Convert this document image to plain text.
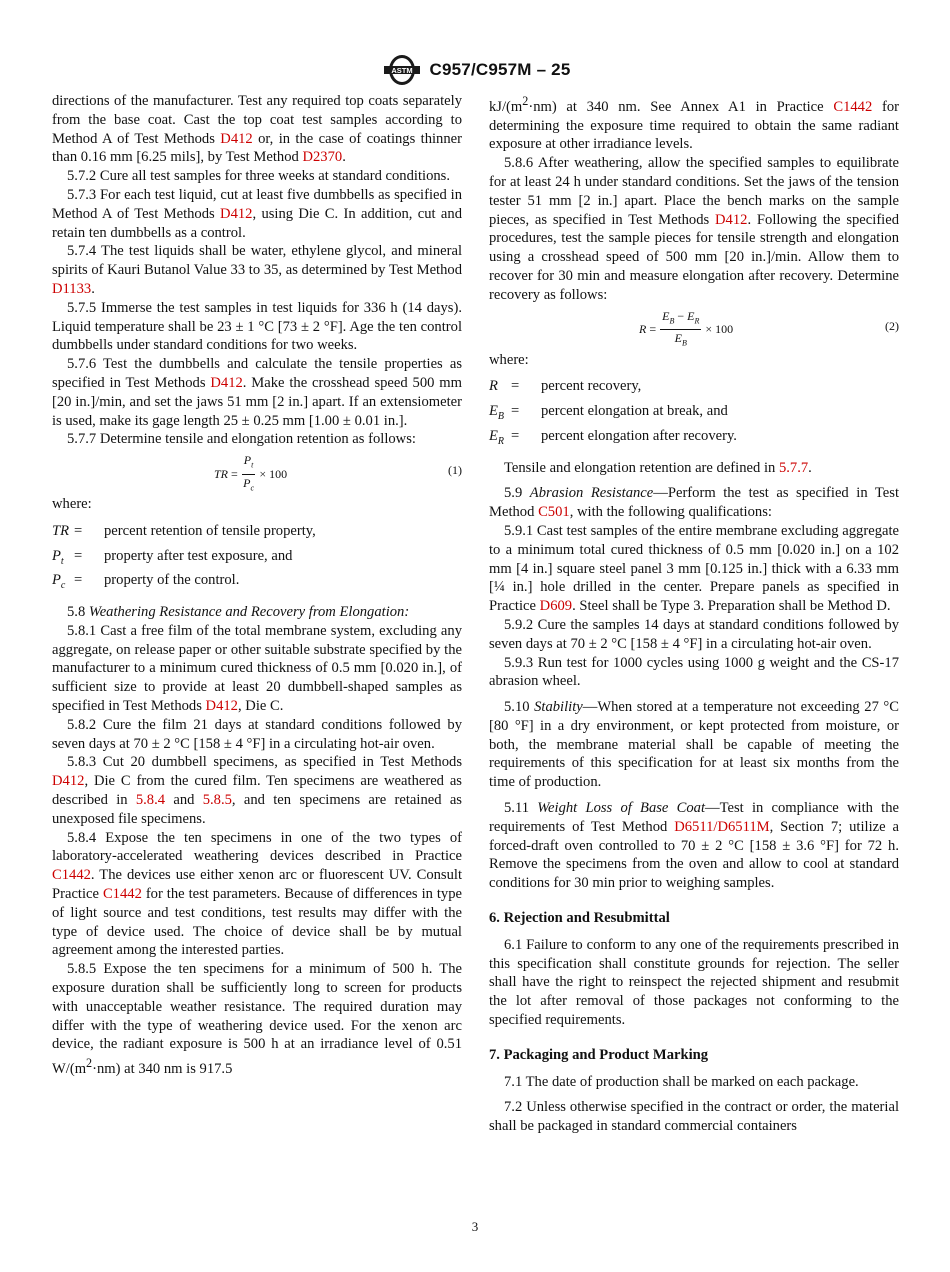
ASTM C957/C957M – 25

directions of the manufacturer. Test any required top coats separately from the base coat. Cast the top coat test samples according to Method A of Test Methods D412 or, in the case of coatings thinner than 0.16 mm [6.25 mils], by Test Method D2370.

5.7.2 Cure all test samples for three weeks at standard conditions.

5.7.3 For each test liquid, cut at least five dumbbells as specified in Method A of Test Methods D412, using Die C. In addition, cut and retain ten dumbbells as a control.

5.7.4 The test liquids shall be water, ethylene glycol, and mineral spirits of Kauri Butanol Value 33 to 35, as determined by Test Method D1133.

5.7.5 Immerse the test samples in test liquids for 336 h (14 days). Liquid temperature shall be 23 ± 1 °C [73 ± 2 °F]. Age the ten control dumbbells under standard conditions for two weeks.

5.7.6 Test the dumbbells and calculate the tensile properties as specified in Test Methods D412. Make the crosshead speed 500 mm [20 in.]/min, and set the jaws 51 mm [2 in.] apart. If an extensiometer is used, make its gage length 25 ± 0.25 mm [1.00 ± 0.01 in.].

5.7.7 Determine tensile and elongation retention as follows:

TR
= $\frac{P_t}{P_c} \times 100$	(1)

where:

TR =	percent retention of tensile property,
$P_t$ =	property after test exposure, and
$P_c$ =	property of the control.

5.8 Weathering Resistance and Recovery from Elongation:

5.8.1 Cast a free film of the total membrane system, excluding any aggregate, on release paper or other suitable substrate specified by the manufacturer to a minimum cured thickness of 0.5 mm [0.020 in.], of sufficient size to provide at least 20 dumbbell-shaped samples as specified in Test Methods D412, Die C.

5.8.2 Cure the film 21 days at standard conditions followed by seven days at 70 ± 2 °C [158 ± 4 °F] in a circulating hot-air oven.

5.8.3 Cut 20 dumbbell specimens, as specified in Test Methods D412, Die C from the cured film. Ten specimens are weathered as described in 5.8.4 and 5.8.5, and ten specimens are retained as unexposed file specimens.

5.8.4 Expose the ten specimens in one of the two types of laboratory-accelerated weathering devices described in Practice C1442. The devices use either xenon arc or fluorescent UV. Consult Practice C1442 for the test parameters. Because of differences in type of light source and test conditions, test results may differ with the type of device used. The choice of device shall be by mutual agreement among the interested parties.

5.8.5 Expose the ten specimens for a minimum of 500 h. The exposure duration shall be sufficiently long to screen for products with unacceptable weather resistance. The required duration may differ with the type of weathering device used. For the xenon arc device, the radiant exposure is 500 h at an irradiance level of 0.51 $W/(m^2\cdot nm)$ at 340 nm is 917.5

$kJ/(m^2\cdot nm)$ at 340 nm. See Annex A1 in Practice C1442 for determining the exposure time required to obtain the same radiant exposure at other irradiance levels.

5.8.6 After weathering, allow the specified samples to equilibrate for at least 24 h under standard conditions. Set the jaws of the tension tester 51 mm [2 in.] apart. Place the bench marks on the sample pieces, as specified in Test Methods D412. Following the specified procedures, test the sample pieces for tensile strength and elongation using a crosshead speed of 500 mm [20 in.]/min. Allow them to recover for 30 min and measure elongation after recovery. Determine recovery as follows:

R
= $\frac{E_B - E_R}{E_B} \times 100$	(2)

where:

R =	percent recovery,
$E_B$ =	percent elongation at break, and
$E_R$ =	percent elongation after recovery.

Tensile and elongation retention are defined in 5.7.7.

5.9 Abrasion Resistance—Perform the test as specified in Test Method C501, with the following qualifications:

5.9.1 Cast test samples of the entire membrane excluding aggregate to a minimum total cured thickness of 0.5 mm [0.020 in.] on a 102 mm [4 in.] square steel panel 3 mm [0.125 in.] thick with a 6.33 mm [¼ in.] hole drilled in the center. Prepare panels as specified in Practice D609. Steel shall be Type 3. Preparation shall be Method D.

5.9.2 Cure the samples 14 days at standard conditions followed by seven days at 70 ± 2 °C [158 ± 4 °F] in a circulating hot-air oven.

5.9.3 Run test for 1000 cycles using 1000 g weight and the CS-17 abrasion wheel.

5.10 Stability—When stored at a temperature not exceeding 27 °C [80 °F] in a dry environment, or kept protected from moisture, or both, the membrane material shall be capable of meeting the requirements of this specification for at least six months from the time of production.

5.11 Weight Loss of Base Coat—Test in compliance with the requirements of Test Method D6511/D6511M, Section 7; utilize a forced-draft oven controlled to 70 ± 2 °C [158 ± 3.6 °F] for 72 h. Remove the specimens from the oven and allow to cool at standard conditions for 30 min prior to weighing samples.

6. Rejection and Resubmittal

6.1 Failure to conform to any one of the requirements prescribed in this specification shall constitute grounds for rejection. The seller shall have the right to reinspect the rejected shipment and resubmit the lot after removal of those packages not conforming to the specified requirements.

7. Packaging and Product Marking

7.1 The date of production shall be marked on each package.

7.2 Unless otherwise specified in the contract or order, the material shall be packaged in standard commercial containers

3
